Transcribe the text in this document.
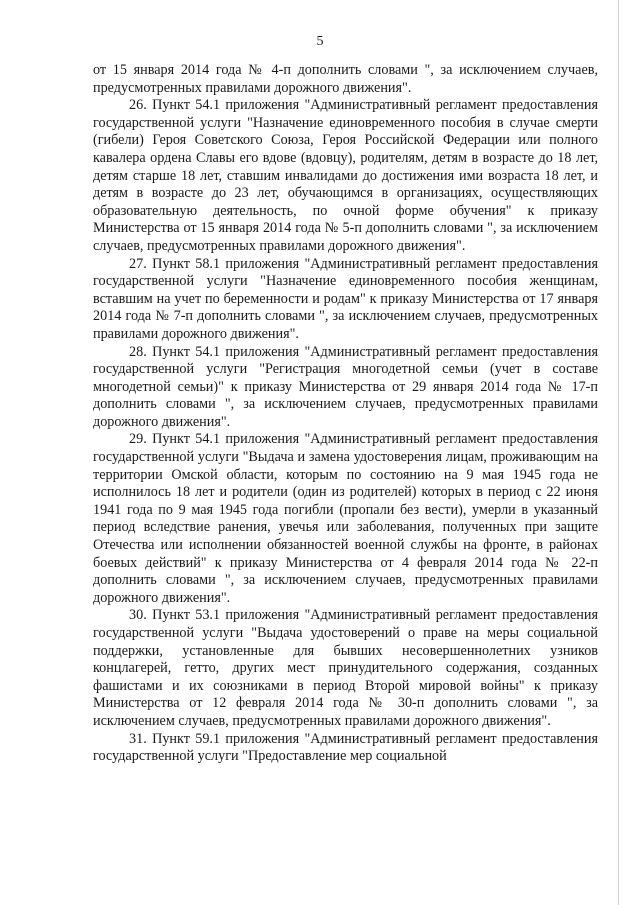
5

от 15 января 2014 года № 4-п дополнить словами ", за исключением случаев, предусмотренных правилами дорожного движения".

26. Пункт 54.1 приложения "Административный регламент предоставления государственной услуги "Назначение единовременного пособия в случае смерти (гибели) Героя Советского Союза, Героя Российской Федерации или полного кавалера ордена Славы его вдове (вдовцу), родителям, детям в возрасте до 18 лет, детям старше 18 лет, ставшим инвалидами до достижения ими возраста 18 лет, и детям в возрасте до 23 лет, обучающимся в организациях, осуществляющих образовательную деятельность, по очной форме обучения" к приказу Министерства от 15 января 2014 года № 5-п дополнить словами ", за исключением случаев, предусмотренных правилами дорожного движения".

27. Пункт 58.1 приложения "Административный регламент предоставления государственной услуги "Назначение единовременного пособия женщинам, вставшим на учет по беременности и родам" к приказу Министерства от 17 января 2014 года № 7-п дополнить словами ", за исключением случаев, предусмотренных правилами дорожного движения".

28. Пункт 54.1 приложения "Административный регламент предоставления государственной услуги "Регистрация многодетной семьи (учет в составе многодетной семьи)" к приказу Министерства от 29 января 2014 года № 17-п дополнить словами ", за исключением случаев, предусмотренных правилами дорожного движения".

29. Пункт 54.1 приложения "Административный регламент предоставления государственной услуги "Выдача и замена удостоверения лицам, проживающим на территории Омской области, которым по состоянию на 9 мая 1945 года не исполнилось 18 лет и родители (один из родителей) которых в период с 22 июня 1941 года по 9 мая 1945 года погибли (пропали без вести), умерли в указанный период вследствие ранения, увечья или заболевания, полученных при защите Отечества или исполнении обязанностей военной службы на фронте, в районах боевых действий" к приказу Министерства от 4 февраля 2014 года № 22-п дополнить словами ", за исключением случаев, предусмотренных правилами дорожного движения".

30. Пункт 53.1 приложения "Административный регламент предоставления государственной услуги "Выдача удостоверений о праве на меры социальной поддержки, установленные для бывших несовершеннолетних узников концлагерей, гетто, других мест принудительного содержания, созданных фашистами и их союзниками в период Второй мировой войны" к приказу Министерства от 12 февраля 2014 года № 30-п дополнить словами ", за исключением случаев, предусмотренных правилами дорожного движения".

31. Пункт 59.1 приложения "Административный регламент предоставления государственной услуги "Предоставление мер социальной
